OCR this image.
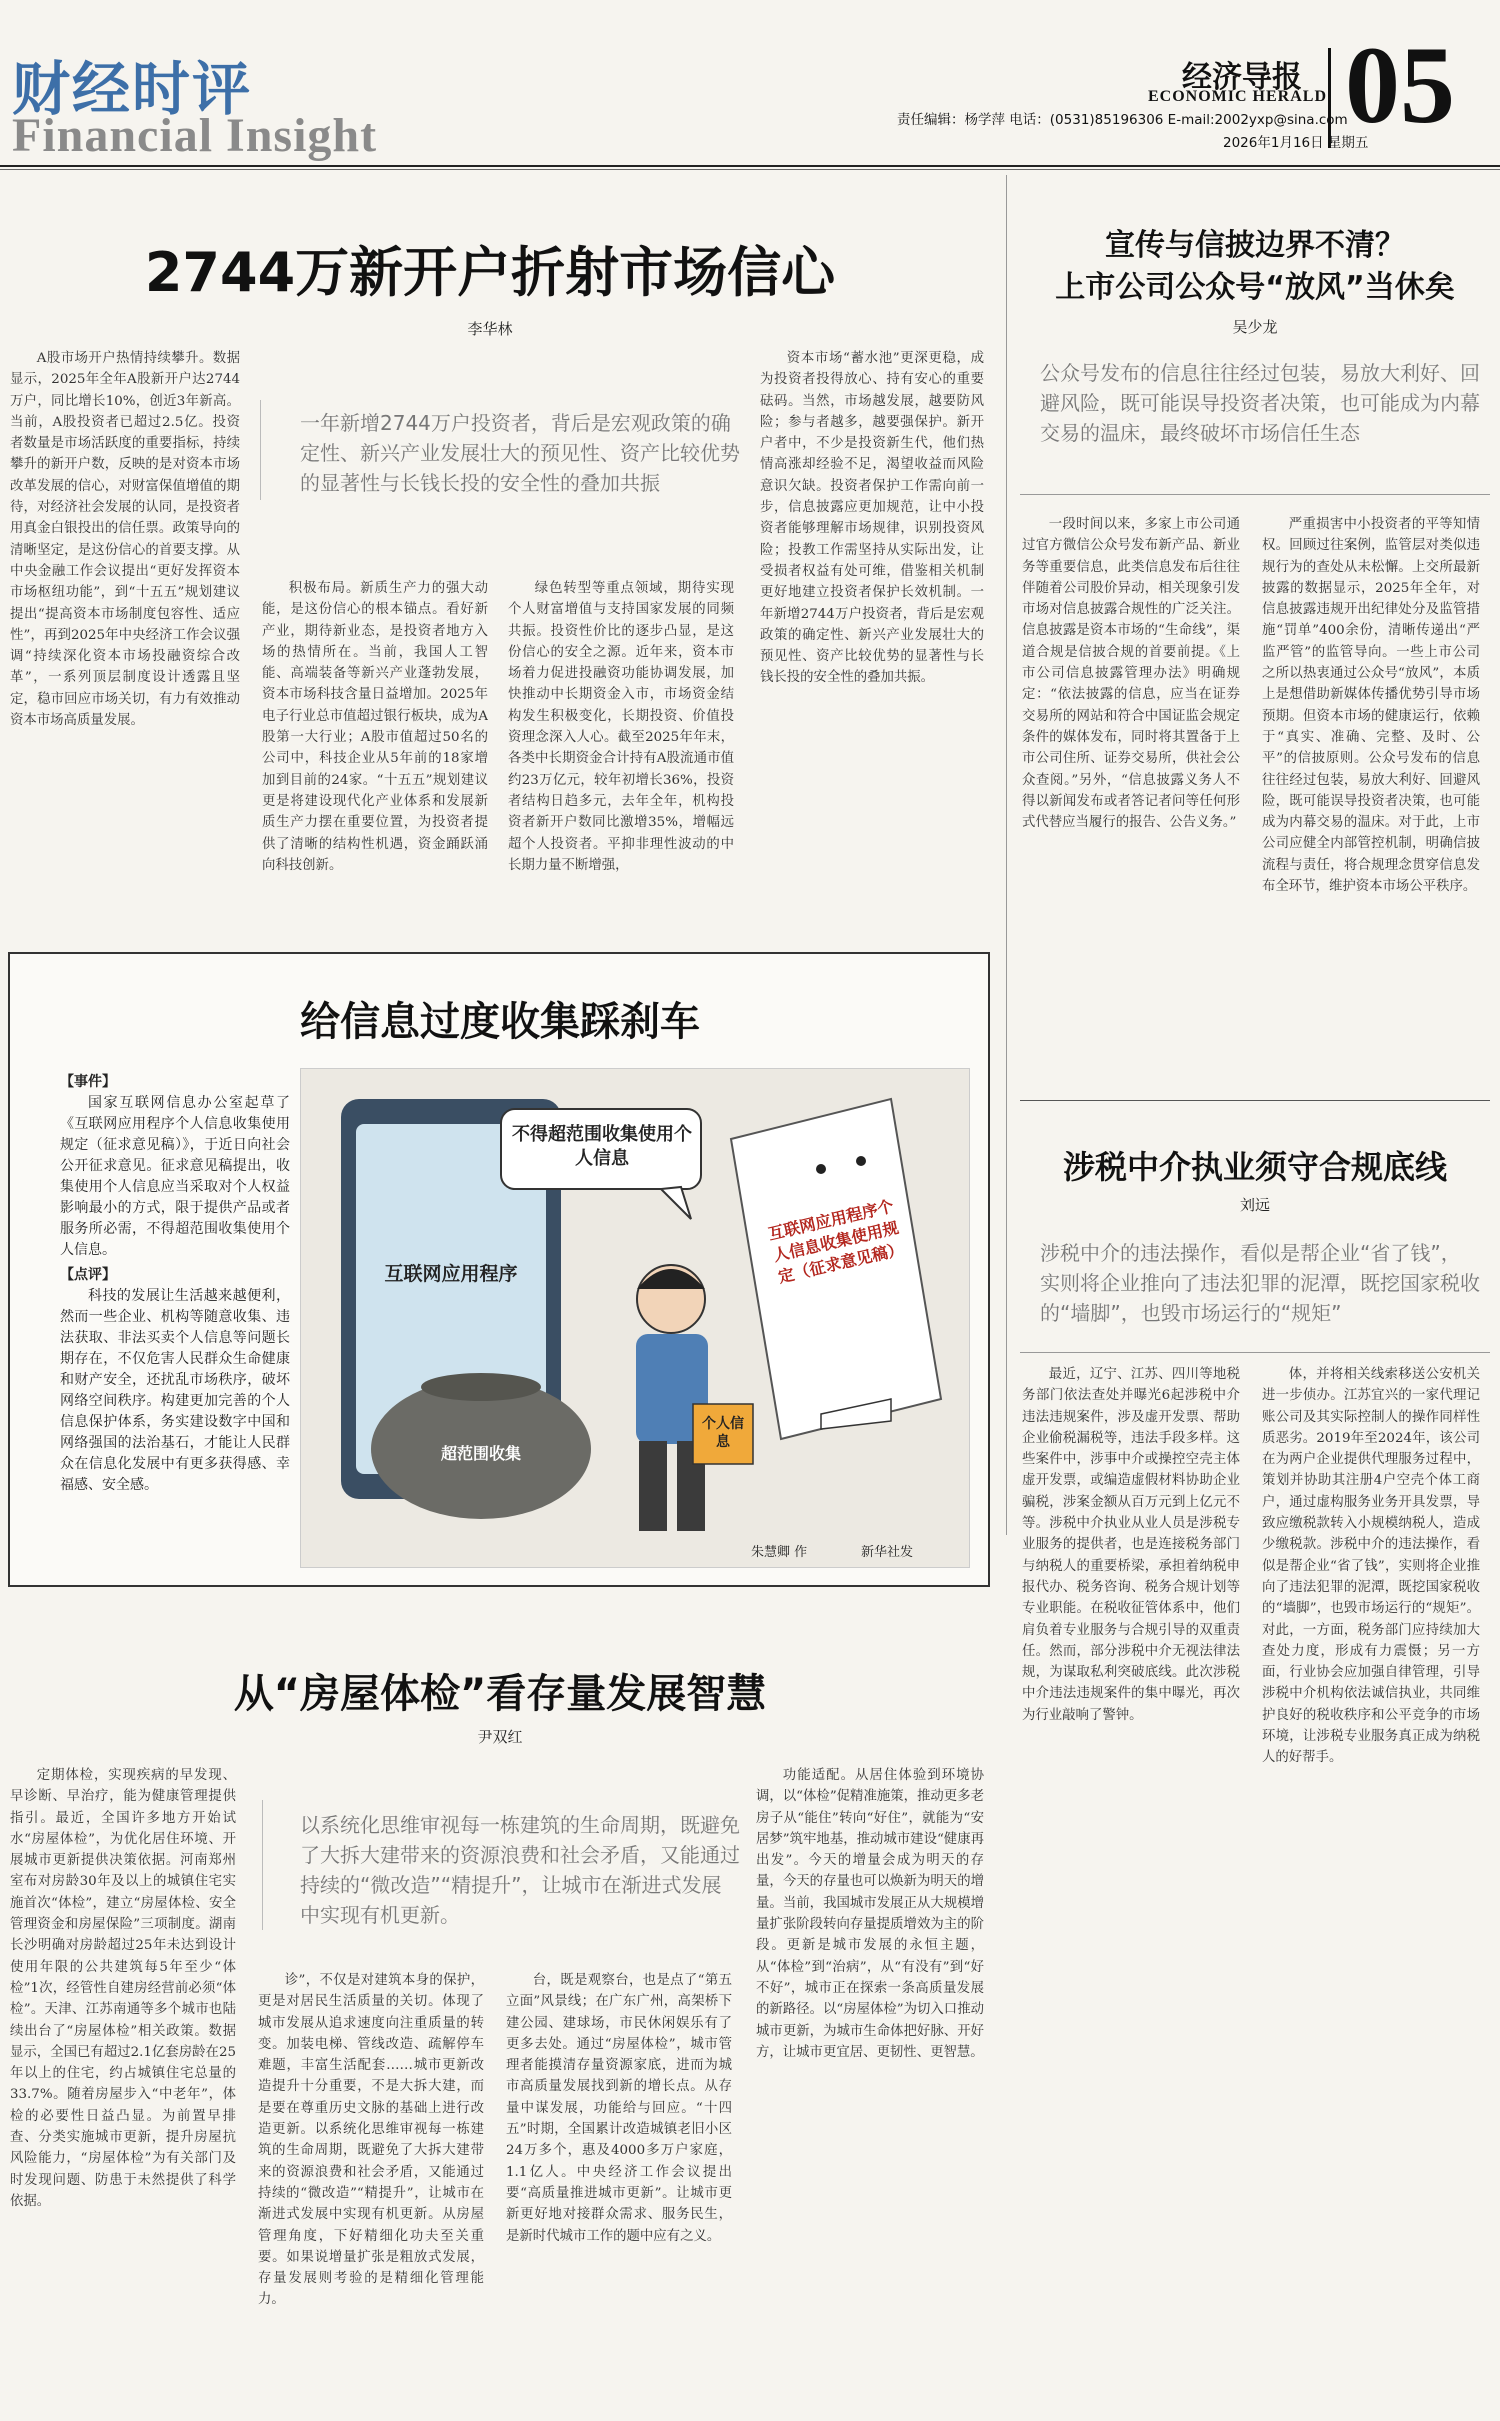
财经时评
Financial Insight
经济导报
ECONOMIC HERALD 05
责任编辑：杨学萍 电话：(0531)85196306 E-mail:2002yxp@sina.com
2026年1月16日 星期五
2744万新开户折射市场信心
李华林

A股市场开户热情持续攀升。数据显示，2025年全年A股新开户达2744万户，同比增长10%，创近3年新高。当前，A股投资者已超过2.5亿。投资者数量是市场活跃度的重要指标，持续攀升的新开户数，反映的是对资本市场改革发展的信心，对财富保值增值的期待，对经济社会发展的认同，是投资者用真金白银投出的信任票。政策导向的清晰坚定，是这份信心的首要支撑。从中央金融工作会议提出“更好发挥资本市场枢纽功能”，到“十五五”规划建议提出“提高资本市场制度包容性、适应性”，再到2025年中央经济工作会议强调“持续深化资本市场投融资综合改革”，一系列顶层制度设计透露且坚定，稳市回应市场关切，有力有效推动资本市场高质量发展。

一年新增2744万户投资者，背后是宏观政策的确定性、新兴产业发展壮大的预见性、资产比较优势的显著性与长钱长投的安全性的叠加共振

积极布局。新质生产力的强大动能，是这份信心的根本锚点。看好新产业，期待新业态，是投资者地方入场的热情所在。当前，我国人工智能、高端装备等新兴产业蓬勃发展，资本市场科技含量日益增加。2025年电子行业总市值超过银行板块，成为A股第一大行业；A股市值超过50名的公司中，科技企业从5年前的18家增加到目前的24家。“十五五”规划建议更是将建设现代化产业体系和发展新质生产力摆在重要位置，为投资者提供了清晰的结构性机遇，资金踊跃涌向科技创新。

绿色转型等重点领域，期待实现个人财富增值与支持国家发展的同频共振。投资性价比的逐步凸显，是这份信心的安全之源。近年来，资本市场着力促进投融资功能协调发展，加快推动中长期资金入市，市场资金结构发生积极变化，长期投资、价值投资理念深入人心。截至2025年年末，各类中长期资金合计持有A股流通市值约23万亿元，较年初增长36%，投资者结构日趋多元，去年全年，机构投资者新开户数同比激增35%，增幅远超个人投资者。平抑非理性波动的中长期力量不断增强，

资本市场“蓄水池”更深更稳，成为投资者投得放心、持有安心的重要砝码。当然，市场越发展，越要防风险；参与者越多，越要强保护。新开户者中，不少是投资新生代，他们热情高涨却经验不足，渴望收益而风险意识欠缺。投资者保护工作需向前一步，信息披露应更加规范，让中小投资者能够理解市场规律，识别投资风险；投教工作需坚持从实际出发，让受损者权益有处可维，借鉴相关机制更好地建立投资者保护长效机制。一年新增2744万户投资者，背后是宏观政策的确定性、新兴产业发展壮大的预见性、资产比较优势的显著性与长钱长投的安全性的叠加共振。

宣传与信披边界不清？
上市公司公众号“放风”当休矣
吴少龙
公众号发布的信息往往经过包装，易放大利好、回避风险，既可能误导投资者决策，也可能成为内幕交易的温床，最终破坏市场信任生态

一段时间以来，多家上市公司通过官方微信公众号发布新产品、新业务等重要信息，此类信息发布后往往伴随着公司股价异动，相关现象引发市场对信息披露合规性的广泛关注。信息披露是资本市场的“生命线”，渠道合规是信披合规的首要前提。《上市公司信息披露管理办法》明确规定：“依法披露的信息，应当在证券交易所的网站和符合中国证监会规定条件的媒体发布，同时将其置备于上市公司住所、证券交易所，供社会公众查阅。”另外，“信息披露义务人不得以新闻发布或者答记者问等任何形式代替应当履行的报告、公告义务。”

严重损害中小投资者的平等知情权。回顾过往案例，监管层对类似违规行为的查处从未松懈。上交所最新披露的数据显示，2025年全年，对信息披露违规开出纪律处分及监管措施“罚单”400余份，清晰传递出“严监严管”的监管导向。一些上市公司之所以热衷通过公众号“放风”，本质上是想借助新媒体传播优势引导市场预期。但资本市场的健康运行，依赖于“真实、准确、完整、及时、公平”的信披原则。公众号发布的信息往往经过包装，易放大利好、回避风险，既可能误导投资者决策，也可能成为内幕交易的温床。对于此，上市公司应健全内部管控机制，明确信披流程与责任，将合规理念贯穿信息发布全环节，维护资本市场公平秩序。

涉税中介执业须守合规底线
刘远
涉税中介的违法操作，看似是帮企业“省了钱”，实则将企业推向了违法犯罪的泥潭，既挖国家税收的“墙脚”，也毁市场运行的“规矩”

最近，辽宁、江苏、四川等地税务部门依法查处并曝光6起涉税中介违法违规案件，涉及虚开发票、帮助企业偷税漏税等，违法手段多样。这些案件中，涉事中介或操控空壳主体虚开发票，或编造虚假材料协助企业骗税，涉案金额从百万元到上亿元不等。涉税中介执业从业人员是涉税专业服务的提供者，也是连接税务部门与纳税人的重要桥梁，承担着纳税申报代办、税务咨询、税务合规计划等专业职能。在税收征管体系中，他们肩负着专业服务与合规引导的双重责任。然而，部分涉税中介无视法律法规，为谋取私利突破底线。此次涉税中介违法违规案件的集中曝光，再次为行业敲响了警钟。

体，并将相关线索移送公安机关进一步侦办。江苏宜兴的一家代理记账公司及其实际控制人的操作同样性质恶劣。2019年至2024年，该公司在为两户企业提供代理服务过程中，策划并协助其注册4户空壳个体工商户，通过虚构服务业务开具发票，导致应缴税款转入小规模纳税人，造成少缴税款。涉税中介的违法操作，看似是帮企业“省了钱”，实则将企业推向了违法犯罪的泥潭，既挖国家税收的“墙脚”，也毁市场运行的“规矩”。对此，一方面，税务部门应持续加大查处力度，形成有力震慑；另一方面，行业协会应加强自律管理，引导涉税中介机构依法诚信执业，共同维护良好的税收秩序和公平竞争的市场环境，让涉税专业服务真正成为纳税人的好帮手。

给信息过度收集踩刹车
【事件】

国家互联网信息办公室起草了《互联网应用程序个人信息收集使用规定（征求意见稿）》，于近日向社会公开征求意见。征求意见稿提出，收集使用个人信息应当采取对个人权益影响最小的方式，限于提供产品或者服务所必需，不得超范围收集使用个人信息。

【点评】

科技的发展让生活越来越便利，然而一些企业、机构等随意收集、违法获取、非法买卖个人信息等问题长期存在，不仅危害人民群众生命健康和财产安全，还扰乱市场秩序，破坏网络空间秩序。构建更加完善的个人信息保护体系，务实建设数字中国和网络强国的法治基石，才能让人民群众在信息化发展中有更多获得感、幸福感、安全感。

不得超范围收集使用个人信息
互联网应用程序
互联网应用程序个人信息收集使用规定（征求意见稿）
超范围收集
个人信息
朱慧卿 作	新华社发
从“房屋体检”看存量发展智慧
尹双红

定期体检，实现疾病的早发现、早诊断、早治疗，能为健康管理提供指引。最近，全国许多地方开始试水“房屋体检”，为优化居住环境、开展城市更新提供决策依据。河南郑州室布对房龄30年及以上的城镇住宅实施首次“体检”，建立“房屋体检、安全管理资金和房屋保险”三项制度。湖南长沙明确对房龄超过25年未达到设计使用年限的公共建筑每5年至少“体检”1次，经管性自建房经营前必须“体检”。天津、江苏南通等多个城市也陆续出台了“房屋体检”相关政策。数据显示，全国已有超过2.1亿套房龄在25年以上的住宅，约占城镇住宅总量的33.7%。随着房屋步入“中老年”，体检的必要性日益凸显。为前置早排查、分类实施城市更新，提升房屋抗风险能力，“房屋体检”为有关部门及时发现问题、防患于未然提供了科学依据。

以系统化思维审视每一栋建筑的生命周期，既避免了大拆大建带来的资源浪费和社会矛盾，又能通过持续的“微改造”“精提升”，让城市在渐进式发展中实现有机更新。

诊”，不仅是对建筑本身的保护，更是对居民生活质量的关切。体现了城市发展从追求速度向注重质量的转变。加装电梯、管线改造、疏解停车难题，丰富生活配套……城市更新改造提升十分重要，不是大拆大建，而是要在尊重历史文脉的基础上进行改造更新。以系统化思维审视每一栋建筑的生命周期，既避免了大拆大建带来的资源浪费和社会矛盾，又能通过持续的“微改造”“精提升”，让城市在渐进式发展中实现有机更新。从房屋管理角度，下好精细化功夫至关重要。如果说增量扩张是粗放式发展，存量发展则考验的是精细化管理能力。

台，既是观察台，也是点了“第五立面”风景线；在广东广州，高架桥下建公园、建球场，市民休闲娱乐有了更多去处。通过“房屋体检”，城市管理者能摸清存量资源家底，进而为城市高质量发展找到新的增长点。从存量中谋发展，功能给与回应。“十四五”时期，全国累计改造城镇老旧小区24万多个，惠及4000多万户家庭，1.1亿人。中央经济工作会议提出要“高质量推进城市更新”。让城市更新更好地对接群众需求、服务民生，是新时代城市工作的题中应有之义。

功能适配。从居住体验到环境协调，以“体检”促精准施策，推动更多老房子从“能住”转向“好住”，就能为“安居梦”筑牢地基，推动城市建设“健康再出发”。今天的增量会成为明天的存量，今天的存量也可以焕新为明天的增量。当前，我国城市发展正从大规模增量扩张阶段转向存量提质增效为主的阶段。更新是城市发展的永恒主题，从“体检”到“治病”，从“有没有”到“好不好”，城市正在探索一条高质量发展的新路径。以“房屋体检”为切入口推动城市更新，为城市生命体把好脉、开好方，让城市更宜居、更韧性、更智慧。
